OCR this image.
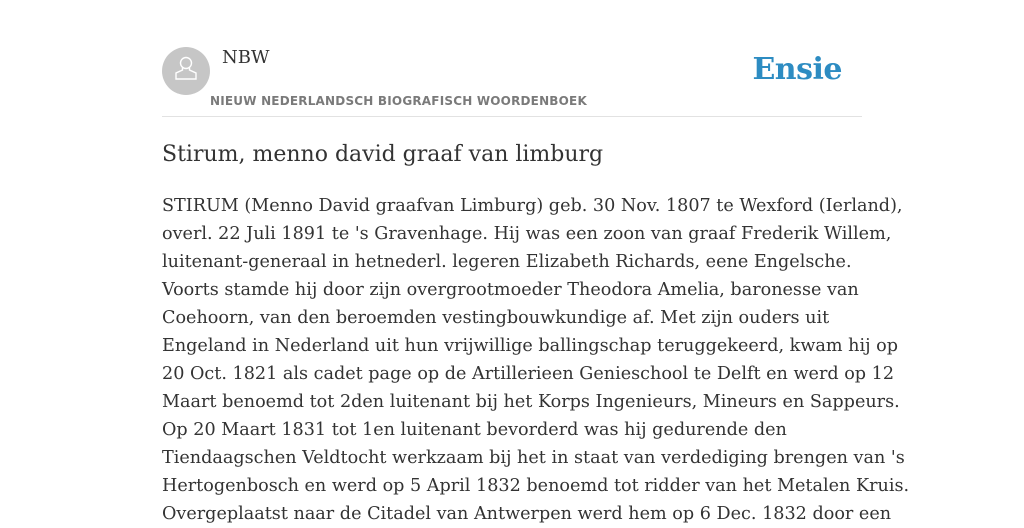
NBW
NIEUW NEDERLANDSCH BIOGRAFISCH WOORDENBOEK
Ensie
Stirum, menno david graaf van limburg
STIRUM (Menno David graafvan Limburg) geb. 30 Nov. 1807 te Wexford (Ierland),
overl. 22 Juli 1891 te 's Gravenhage. Hij was een zoon van graaf Frederik Willem,
luitenant-generaal in hetnederl. legeren Elizabeth Richards, eene Engelsche.
Voorts stamde hij door zijn overgrootmoeder Theodora Amelia, baronesse van
Coehoorn, van den beroemden vestingbouwkundige af. Met zijn ouders uit
Engeland in Nederland uit hun vrijwillige ballingschap teruggekeerd, kwam hij op
20 Oct. 1821 als cadet page op de Artillerieen Genieschool te Delft en werd op 12
Maart benoemd tot 2den luitenant bij het Korps Ingenieurs, Mineurs en Sappeurs.
Op 20 Maart 1831 tot 1en luitenant bevorderd was hij gedurende den
Tiendaagschen Veldtocht werkzaam bij het in staat van verdediging brengen van 's
Hertogenbosch en werd op 5 April 1832 benoemd tot ridder van het Metalen Kruis.
Overgeplaatst naar de Citadel van Antwerpen werd hem op 6 Dec. 1832 door een
